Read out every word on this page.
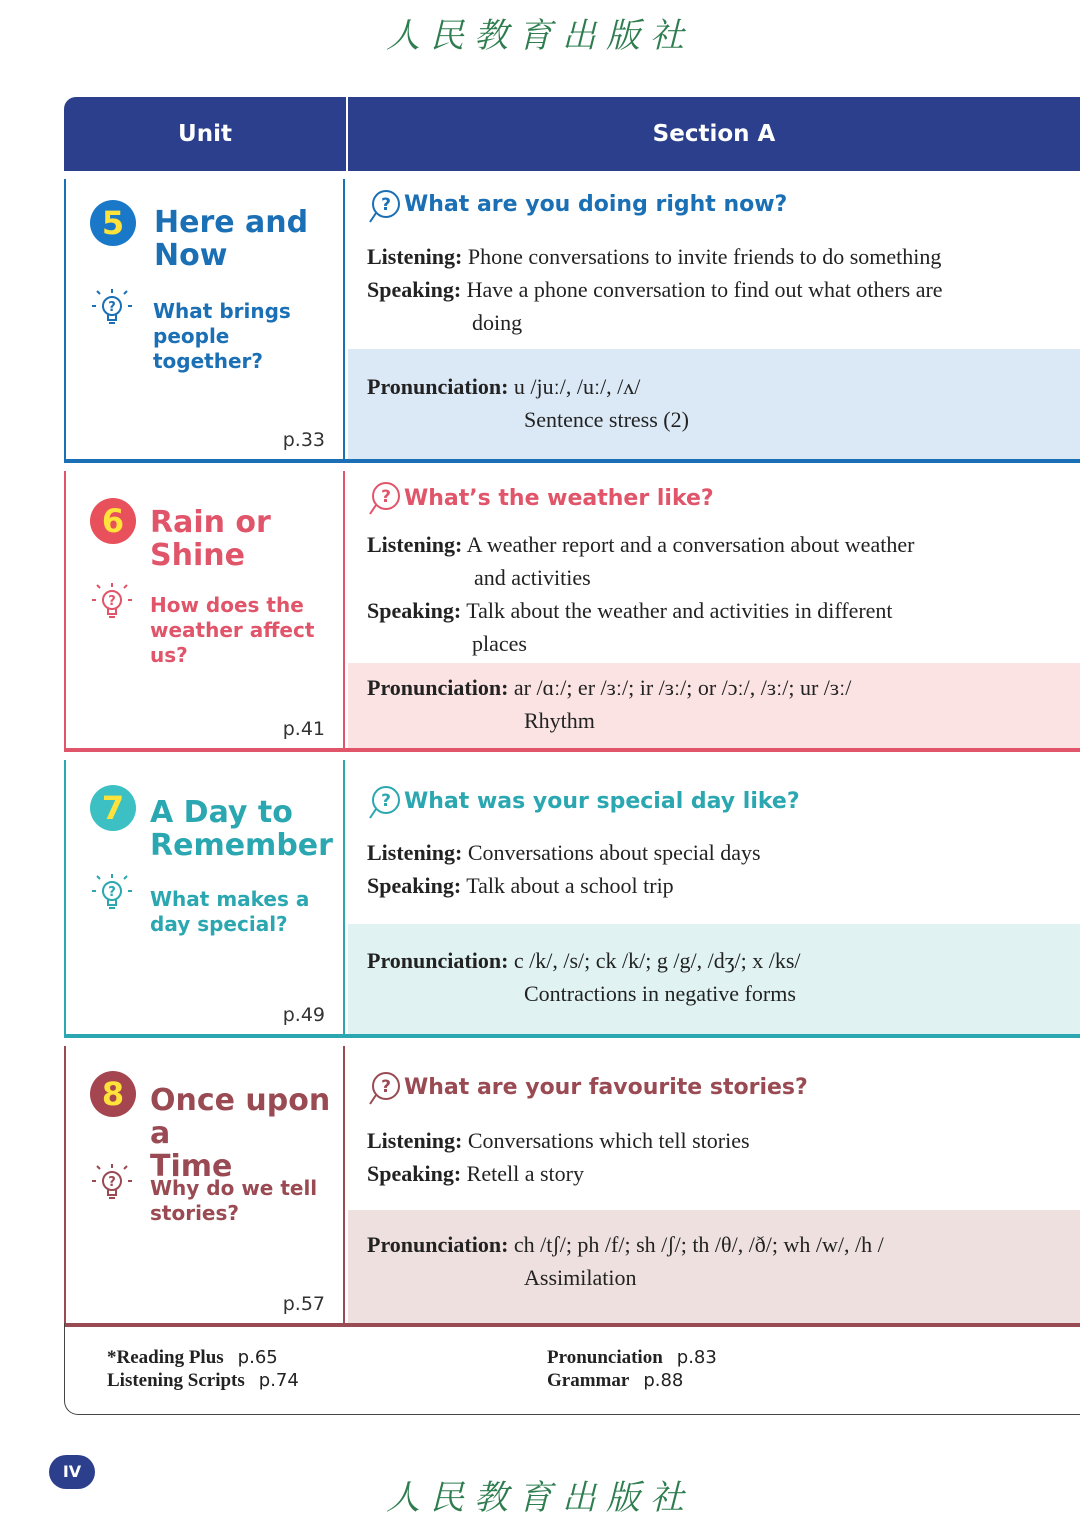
人民教育出版社
Unit	Section A
5 Here and
Now
? What brings
people together?
p.33
? What are you doing right now?
Listening: Phone conversations to invite friends to do something
Speaking: Have a phone conversation to find out what others are
doing
Pronunciation: u /juː/, /uː/, /ʌ/
Sentence stress (2)
6 Rain or
Shine
? How does the
weather affect
us?
p.41
? What’s the weather like?
Listening: A weather report and a conversation about weather
and activities
Speaking: Talk about the weather and activities in different
places
Pronunciation: ar /ɑː/; er /ɜː/; ir /ɜː/; or /ɔː/, /ɜː/; ur /ɜː/
Rhythm
7 A Day to
Remember
? What makes a
day special?
p.49
? What was your special day like?
Listening: Conversations about special days
Speaking: Talk about a school trip
Pronunciation: c /k/, /s/; ck /k/; g /g/, /dʒ/; x /ks/
Contractions in negative forms
8 Once upon a
Time
? Why do we tell
stories?
p.57
? What are your favourite stories?
Listening: Conversations which tell stories
Speaking: Retell a story
Pronunciation: ch /tʃ/; ph /f/; sh /ʃ/; th /θ/, /ð/; wh /w/, /h /
Assimilation
*Reading Plus p.65
Listening Scripts p.74
Pronunciation p.83
Grammar p.88
IV
人民教育出版社
